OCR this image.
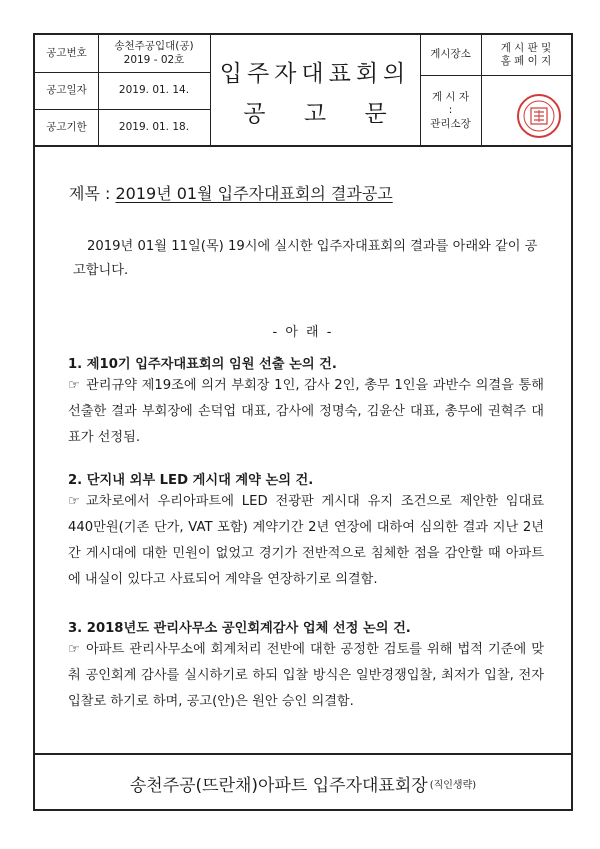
공고번호
송천주공입대(공)
2019 - 02호
공고일자	2019. 01. 14.
공고기한	2019. 01. 18.
입주자대표회의
공 고 문
게시장소
게 시 판 및
홈 페 이 지
게 시 자
:
관리소장
제목 : 2019년 01월 입주자대표회의 결과공고
2019년 01월 11일(목) 19시에 실시한 입주자대표회의 결과를 아래와 같이 공고합니다.
- 아 래 -
1. 제10기 입주자대표회의 임원 선출 논의 건.
☞ 관리규약 제19조에 의거 부회장 1인, 감사 2인, 총무 1인을 과반수 의결을 통해 선출한 결과 부회장에 손덕업 대표, 감사에 정명숙, 김윤산 대표, 총무에 권혁주 대표가 선정됨.
2. 단지내 외부 LED 게시대 계약 논의 건.
☞ 교차로에서 우리아파트에 LED 전광판 게시대 유지 조건으로 제안한 임대료 440만원(기존 단가, VAT 포함) 계약기간 2년 연장에 대하여 심의한 결과 지난 2년간 게시대에 대한 민원이 없었고 경기가 전반적으로 침체한 점을 감안할 때 아파트에 내실이 있다고 사료되어 계약을 연장하기로 의결함.
3. 2018년도 관리사무소 공인회계감사 업체 선정 논의 건.
☞ 아파트 관리사무소에 회계처리 전반에 대한 공정한 검토를 위해 법적 기준에 맞춰 공인회계 감사를 실시하기로 하되 입찰 방식은 일반경쟁입찰, 최저가 입찰, 전자 입찰로 하기로 하며, 공고(안)은 원안 승인 의결함.
송천주공(뜨란채)아파트 입주자대표회장 (직인생략)
